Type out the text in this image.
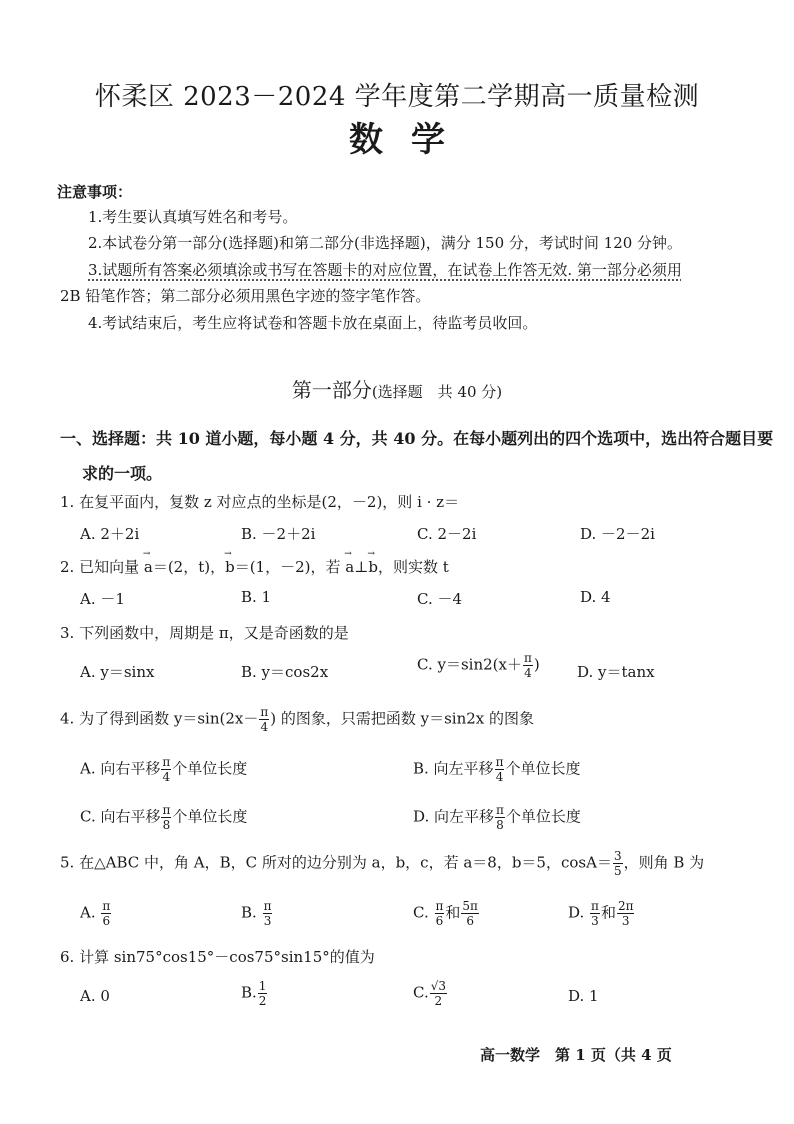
怀柔区 2023－2024 学年度第二学期高一质量检测
数学
注意事项：
1.考生要认真填写姓名和考号。
2.本试卷分第一部分(选择题)和第二部分(非选择题)，满分 150 分，考试时间 120 分钟。
3.试题所有答案必须填涂或书写在答题卡的对应位置，在试卷上作答无效. 第一部分必须用
2B 铅笔作答；第二部分必须用黑色字迹的签字笔作答。
4.考试结束后，考生应将试卷和答题卡放在桌面上，待监考员收回。
第一部分(选择题　共 40 分)
一、选择题：共 10 道小题，每小题 4 分，共 40 分。在每小题列出的四个选项中，选出符合题目要
求的一项。
1. 在复平面内，复数 z 对应点的坐标是(2，－2)，则 i · z＝
A. 2＋2i	B. －2＋2i	C. 2－2i	D. －2－2i
2. 已知向量 → a＝(2，t)，→ b＝(1，－2)，若 → a⊥→ b，则实数 t
A. －1	B. 1	C. －4	D. 4
3. 下列函数中，周期是 π，又是奇函数的是
A. y＝sinx	B. y＝cos2x	C. $y=\sin 2(x+ \frac{\pi}{4}$ ) D. y＝tanx
4. 为了得到函数 $y=\sin(2x- \frac{\pi}{4}$ ) 的图象，只需把函数 y＝sin2x 的图象
A. 向右平移 $\frac{\pi}{4}$ 个单位长度	B. 向左平移 $\frac{\pi}{4}$ 个单位长度
C. 向右平移 $\frac{\pi}{8}$ 个单位长度	D. 向左平移 $\frac{\pi}{8}$ 个单位长度
5. 在△ABC 中，角 A，B，C 所对的边分别为 a，b，c，若 a＝8，b＝5，$\cos A= \frac{3}{5}$ ，则角 B 为
A. $\frac{\pi}{6}$	B. $\frac{\pi}{3}$	C. $\frac{\pi}{6}$ 和 $\frac{5\pi}{6}$	D. $\frac{\pi}{3}$ 和 $\frac{2\pi}{3}$
6. 计算 sin75°cos15°－cos75°sin15°的值为
A. 0	B. $\frac{1}{2}$	C. $\frac{√3}{2}$	D. 1
高一数学　第 1 页（共 4 页
